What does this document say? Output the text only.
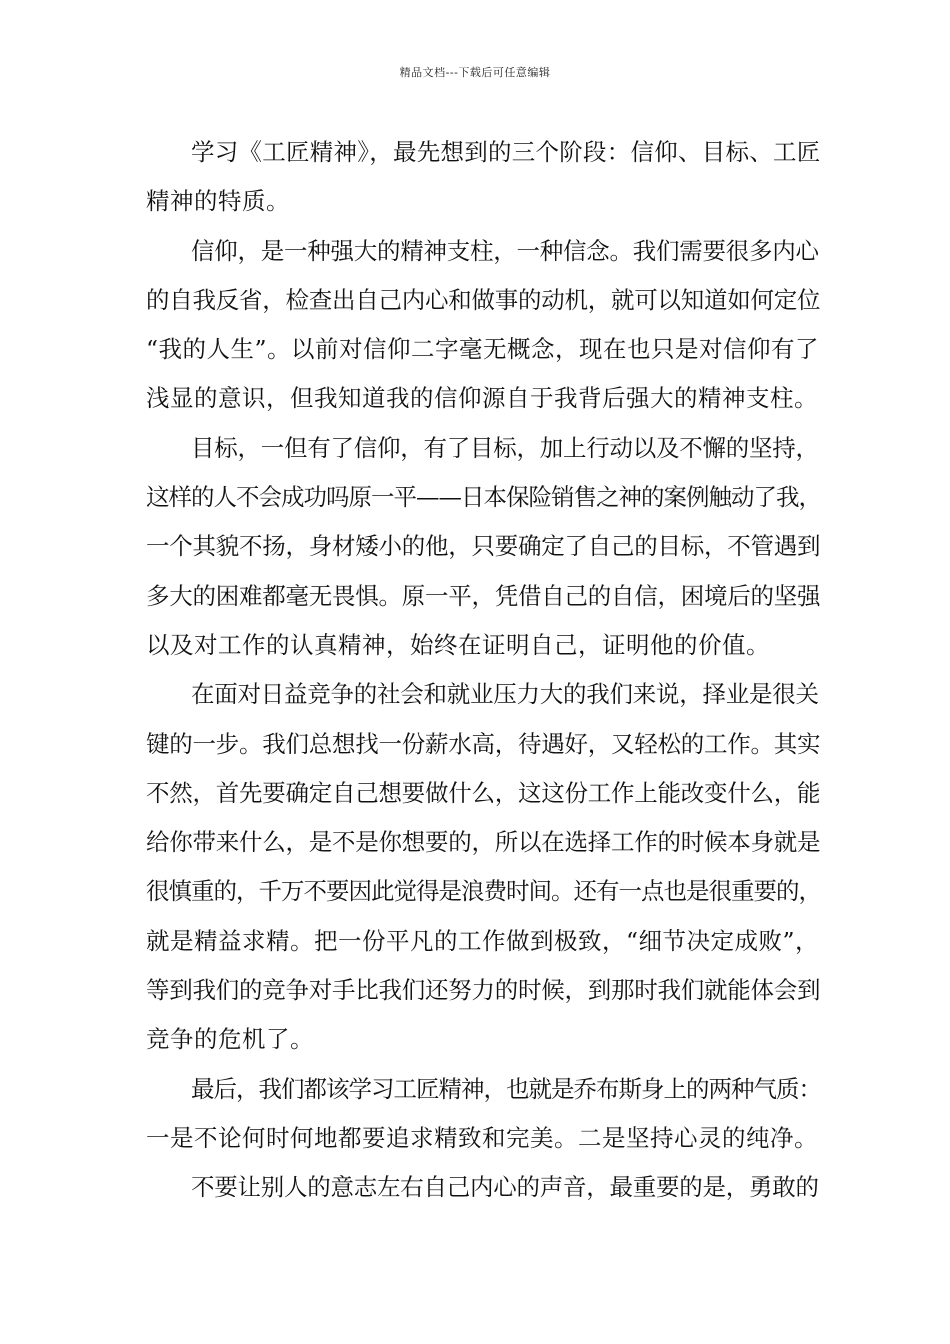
精品文档---下载后可任意编辑
学习《工匠精神》，最先想到的三个阶段：信仰、目标、工匠
精神的特质。
信仰，是一种强大的精神支柱，一种信念。我们需要很多内心
的自我反省，检查出自己内心和做事的动机，就可以知道如何定位
“我的人生”。以前对信仰二字毫无概念，现在也只是对信仰有了
浅显的意识，但我知道我的信仰源自于我背后强大的精神支柱。
目标，一但有了信仰，有了目标，加上行动以及不懈的坚持，
这样的人不会成功吗原一平——日本保险销售之神的案例触动了我，
一个其貌不扬，身材矮小的他，只要确定了自己的目标，不管遇到
多大的困难都毫无畏惧。原一平，凭借自己的自信，困境后的坚强
以及对工作的认真精神，始终在证明自己，证明他的价值。
在面对日益竞争的社会和就业压力大的我们来说，择业是很关
键的一步。我们总想找一份薪水高，待遇好，又轻松的工作。其实
不然，首先要确定自己想要做什么，这这份工作上能改变什么，能
给你带来什么，是不是你想要的，所以在选择工作的时候本身就是
很慎重的，千万不要因此觉得是浪费时间。还有一点也是很重要的，
就是精益求精。把一份平凡的工作做到极致，“细节决定成败”，
等到我们的竞争对手比我们还努力的时候，到那时我们就能体会到
竞争的危机了。
最后，我们都该学习工匠精神，也就是乔布斯身上的两种气质：
一是不论何时何地都要追求精致和完美。二是坚持心灵的纯净。
不要让别人的意志左右自己内心的声音，最重要的是，勇敢的
